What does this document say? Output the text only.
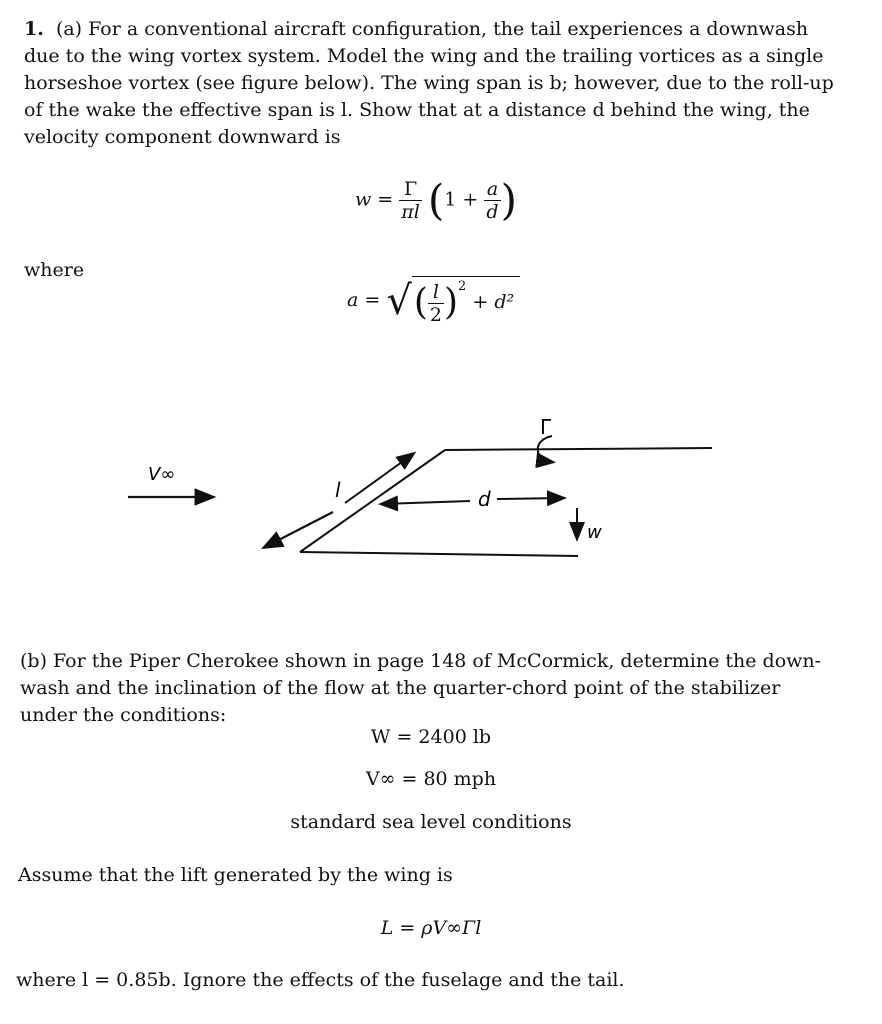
1. (a) For a conventional aircraft configuration, the tail experiences a downwash
due to the wing vortex system. Model the wing and the trailing vortices as a single
horseshoe vortex (see figure below). The wing span is b; however, due to the roll-up
of the wake the effective span is l. Show that at a distance d behind the wing, the
velocity component downward is
$w = \frac{\Gamma}{\pi l} (1 + \frac{a}{d}$ )
where
a = √( $\frac{l}{2} )^2 + d^2$
V∞
l	d
Γ
w
(b) For the Piper Cherokee shown in page 148 of McCormick, determine the down-
wash and the inclination of the flow at the quarter-chord point of the stabilizer
under the conditions:
W = 2400 lb
V∞ = 80 mph
standard sea level conditions
Assume that the lift generated by the wing is
L = ρV∞Γl
where l = 0.85b. Ignore the effects of the fuselage and the tail.
